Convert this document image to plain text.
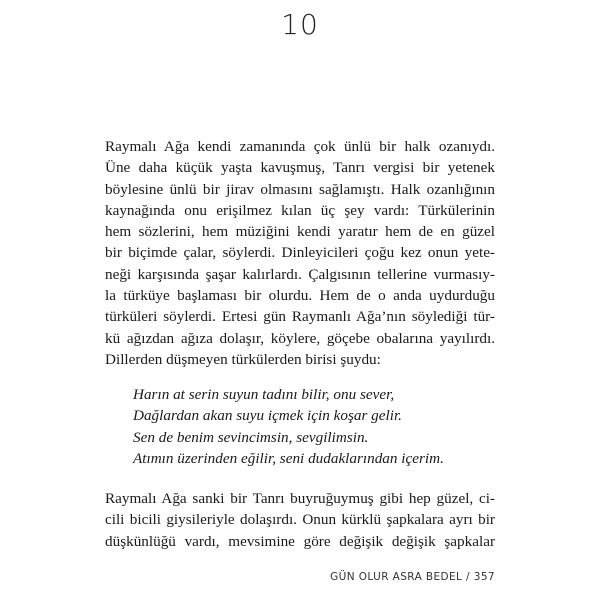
10
Raymalı Ağa kendi zamanında çok ünlü bir halk ozanıydı.
Üne daha küçük yaşta kavuşmuş, Tanrı vergisi bir yetenek
böylesine ünlü bir jirav olmasını sağlamıştı. Halk ozanlığının
kaynağında onu erişilmez kılan üç şey vardı: Türkülerinin
hem sözlerini, hem müziğini kendi yaratır hem de en güzel
bir biçimde çalar, söylerdi. Dinleyicileri çoğu kez onun yete-
neği karşısında şaşar kalırlardı. Çalgısının tellerine vurmasıy-
la türküye başlaması bir olurdu. Hem de o anda uydurduğu
türküleri söylerdi. Ertesi gün Raymanlı Ağa’nın söylediği tür-
kü ağızdan ağıza dolaşır, köylere, göçebe obalarına yayılırdı.
Dillerden düşmeyen türkülerden birisi şuydu:
Harın at serin suyun tadını bilir, onu sever,
Dağlardan akan suyu içmek için koşar gelir.
Sen de benim sevincimsin, sevgilimsin.
Atımın üzerinden eğilir, seni dudaklarından içerim.
Raymalı Ağa sanki bir Tanrı buyruğuymuş gibi hep güzel, ci-
cili bicili giysileriyle dolaşırdı. Onun kürklü şapkalara ayrı bir
düşkünlüğü vardı, mevsimine göre değişik değişik şapkalar
GÜN OLUR ASRA BEDEL / 357
